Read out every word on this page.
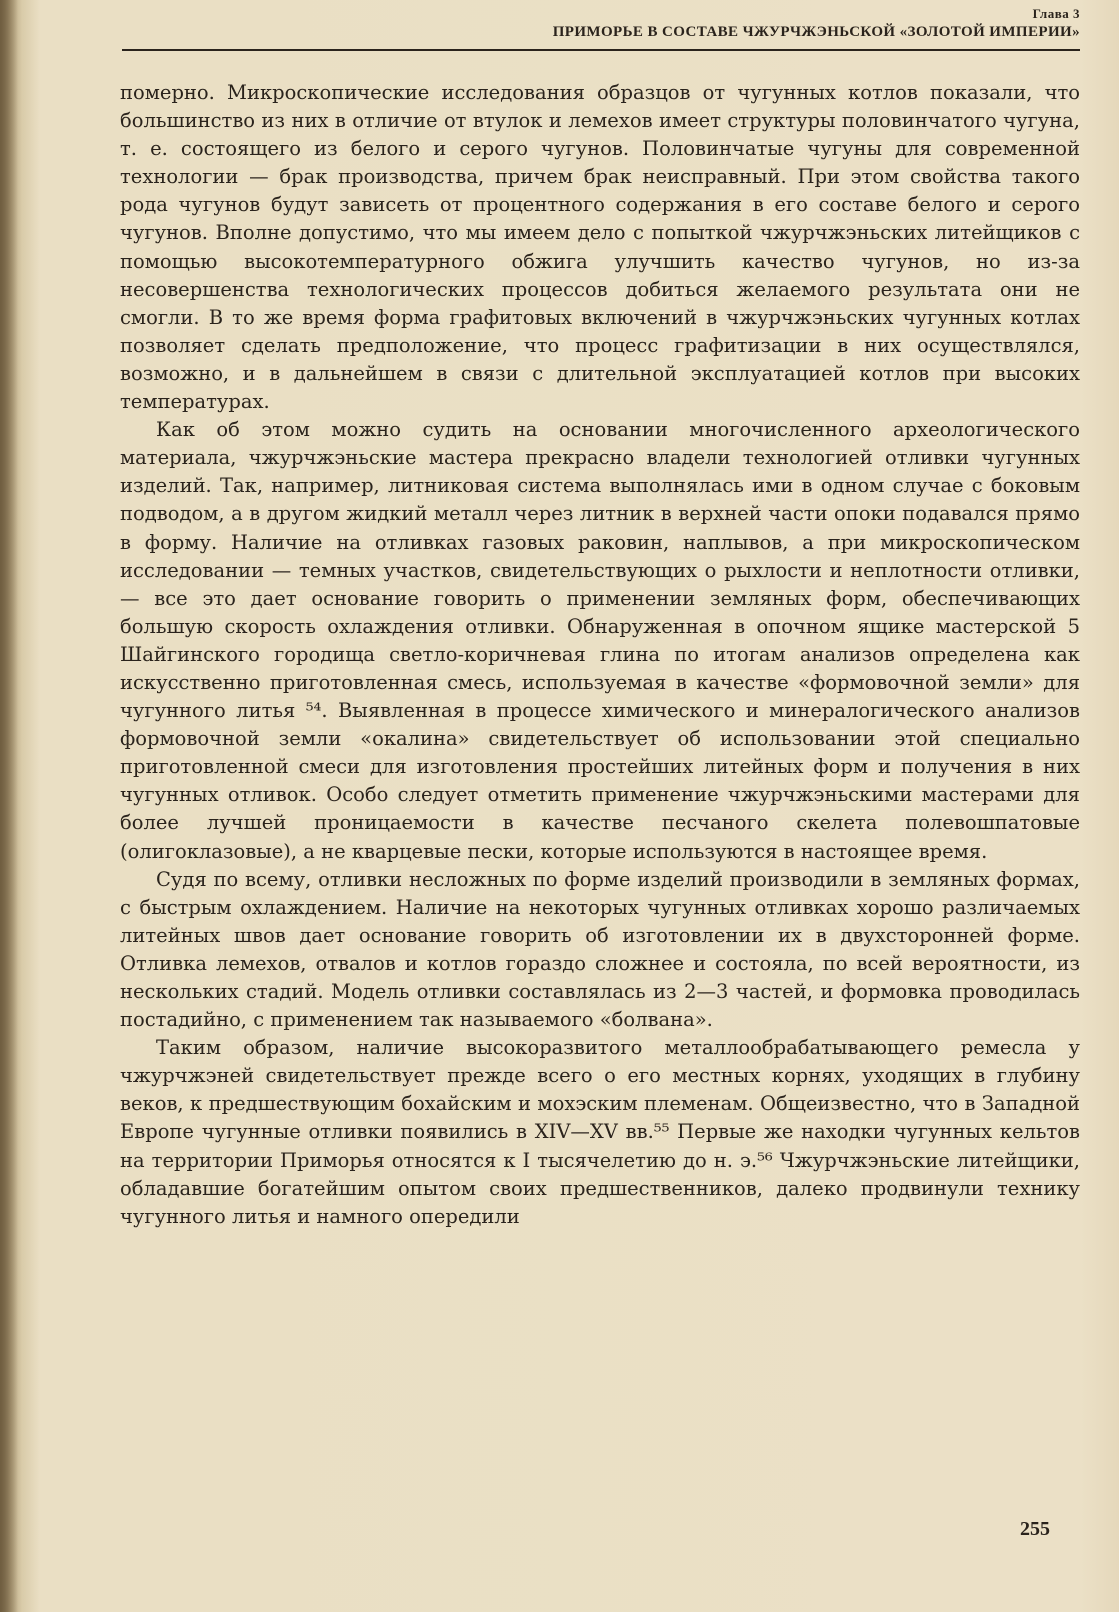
Глава 3
ПРИМОРЬЕ В СОСТАВЕ ЧЖУРЧЖЭНЬСКОЙ «ЗОЛОТОЙ ИМПЕРИИ»

померно. Микроскопические исследования образцов от чугунных котлов показали, что большинство из них в отличие от втулок и лемехов имеет структуры половинчатого чугуна, т. е. состоящего из белого и серого чугунов. Половинчатые чугуны для современной технологии — брак производства, причем брак неисправный. При этом свойства такого рода чугунов будут зависеть от процентного содержания в его составе белого и серого чугунов. Вполне допустимо, что мы имеем дело с попыткой чжурчжэньских литейщиков с помощью высокотемпературного обжига улучшить качество чугунов, но из-за несовершенства технологических процессов добиться желаемого результата они не смогли. В то же время форма графитовых включений в чжурчжэньских чугунных котлах позволяет сделать предположение, что процесс графитизации в них осуществлялся, возможно, и в дальнейшем в связи с длительной эксплуатацией котлов при высоких температурах.

Как об этом можно судить на основании многочисленного археологического материала, чжурчжэньские мастера прекрасно владели технологией отливки чугунных изделий. Так, например, литниковая система выполнялась ими в одном случае с боковым подводом, а в другом жидкий металл через литник в верхней части опоки подавался прямо в форму. Наличие на отливках газовых раковин, наплывов, а при микроскопическом исследовании — темных участков, свидетельствующих о рыхлости и неплотности отливки,— все это дает основание говорить о применении земляных форм, обеспечивающих большую скорость охлаждения отливки. Обнаруженная в опочном ящике мастерской 5 Шайгинского городища светло-коричневая глина по итогам анализов определена как искусственно приготовленная смесь, используемая в качестве «формовочной земли» для чугунного литья ⁵⁴. Выявленная в процессе химического и минералогического анализов формовочной земли «окалина» свидетельствует об использовании этой специально приготовленной смеси для изготовления простейших литейных форм и получения в них чугунных отливок. Особо следует отметить применение чжурчжэньскими мастерами для более лучшей проницаемости в качестве песчаного скелета полевошпатовые (олигоклазовые), а не кварцевые пески, которые используются в настоящее время.

Судя по всему, отливки несложных по форме изделий производили в земляных формах, с быстрым охлаждением. Наличие на некоторых чугунных отливках хорошо различаемых литейных швов дает основание говорить об изготовлении их в двухсторонней форме. Отливка лемехов, отвалов и котлов гораздо сложнее и состояла, по всей вероятности, из нескольких стадий. Модель отливки составлялась из 2—3 частей, и формовка проводилась постадийно, с применением так называемого «болвана».

Таким образом, наличие высокоразвитого металлообрабатывающего ремесла у чжурчжэней свидетельствует прежде всего о его местных корнях, уходящих в глубину веков, к предшествующим бохайским и мохэским племенам. Общеизвестно, что в Западной Европе чугунные отливки появились в XIV—XV вв.⁵⁵ Первые же находки чугунных кельтов на территории Приморья относятся к I тысячелетию до н. э.⁵⁶ Чжурчжэньские литейщики, обладавшие богатейшим опытом своих предшественников, далеко продвинули технику чугунного литья и намного опередили

255
